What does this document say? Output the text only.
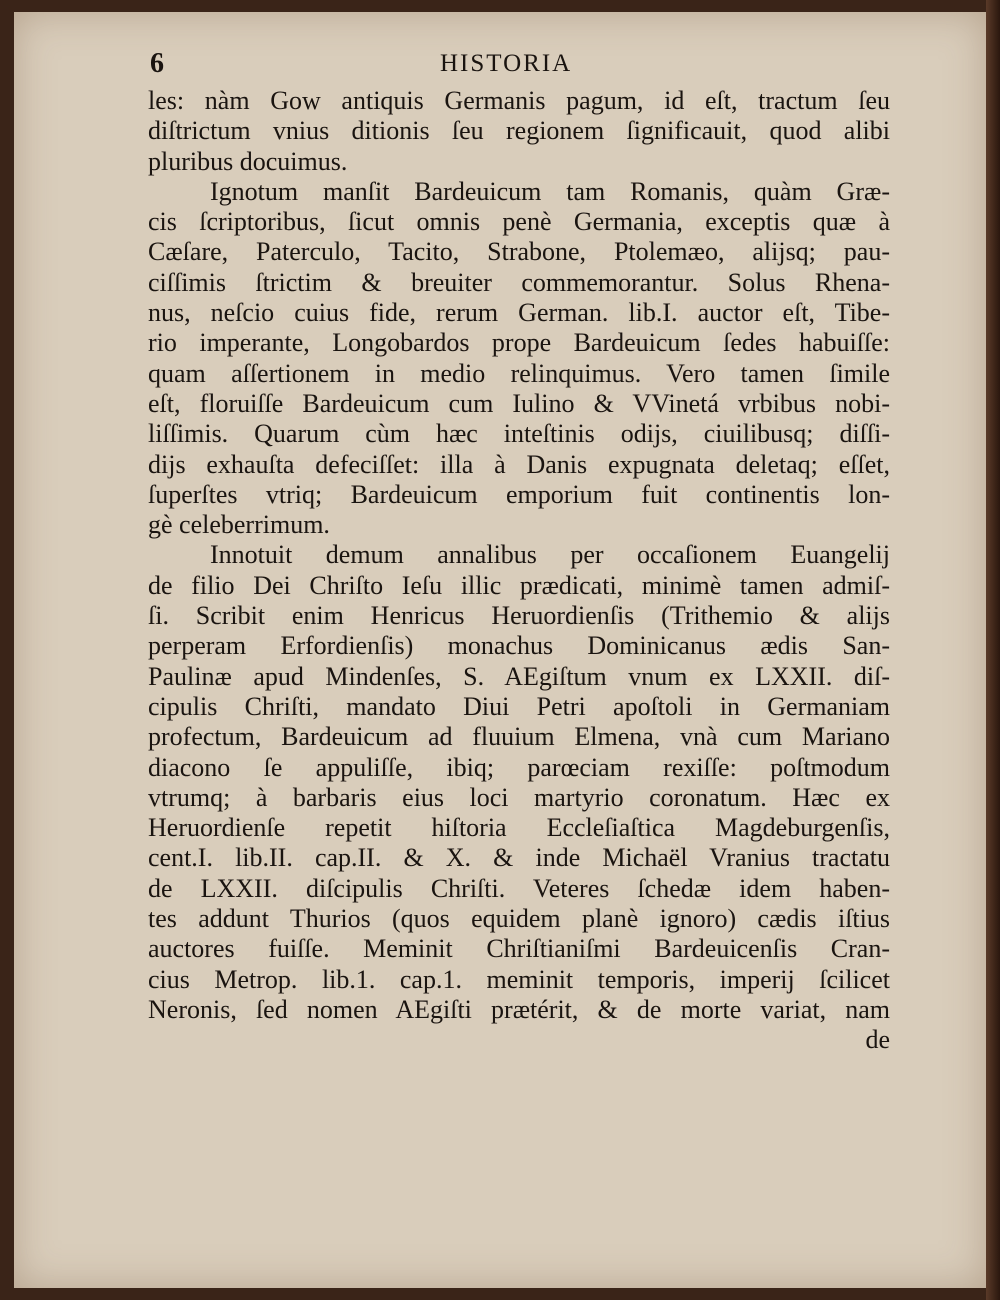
6	HISTORIA
les: nàm Gow antiquis Germanis pagum, id eſt, tractum ſeu
diſtrictum vnius ditionis ſeu regionem ſignificauit, quod alibi
pluribus docuimus.
Ignotum manſit Bardeuicum tam Romanis, quàm Græ-
cis ſcriptoribus, ſicut omnis penè Germania, exceptis quæ à
Cæſare, Paterculo, Tacito, Strabone, Ptolemæo, alijsq; pau-
ciſſimis ſtrictim & breuiter commemorantur. Solus Rhena-
nus, neſcio cuius fide, rerum German. lib.I. auctor eſt, Tibe-
rio imperante, Longobardos prope Bardeuicum ſedes habuiſſe:
quam aſſertionem in medio relinquimus. Vero tamen ſimile
eſt, floruiſſe Bardeuicum cum Iulino & VVinetá vrbibus nobi-
liſſimis. Quarum cùm hæc inteſtinis odijs, ciuilibusq; diſſi-
dijs exhauſta defeciſſet: illa à Danis expugnata deletaq; eſſet,
ſuperſtes vtriq; Bardeuicum emporium fuit continentis lon-
gè celeberrimum.
Innotuit demum annalibus per occaſionem Euangelij
de filio Dei Chriſto Ieſu illic prædicati, minimè tamen admiſ-
ſi. Scribit enim Henricus Heruordienſis (Trithemio & alijs
perperam Erfordienſis) monachus Dominicanus ædis San-
Paulinæ apud Mindenſes, S. AEgiſtum vnum ex LXXII. diſ-
cipulis Chriſti, mandato Diui Petri apoſtoli in Germaniam
profectum, Bardeuicum ad fluuium Elmena, vnà cum Mariano
diacono ſe appuliſſe, ibiq; parœciam rexiſſe: poſtmodum
vtrumq; à barbaris eius loci martyrio coronatum. Hæc ex
Heruordienſe repetit hiſtoria Eccleſiaſtica Magdeburgenſis,
cent.I. lib.II. cap.II. & X. & inde Michaël Vranius tractatu
de LXXII. diſcipulis Chriſti. Veteres ſchedæ idem haben-
tes addunt Thurios (quos equidem planè ignoro) cædis iſtius
auctores fuiſſe. Meminit Chriſtianiſmi Bardeuicenſis Cran-
cius Metrop. lib.1. cap.1. meminit temporis, imperij ſcilicet
Neronis, ſed nomen AEgiſti prætérit, & de morte variat, nam
de
